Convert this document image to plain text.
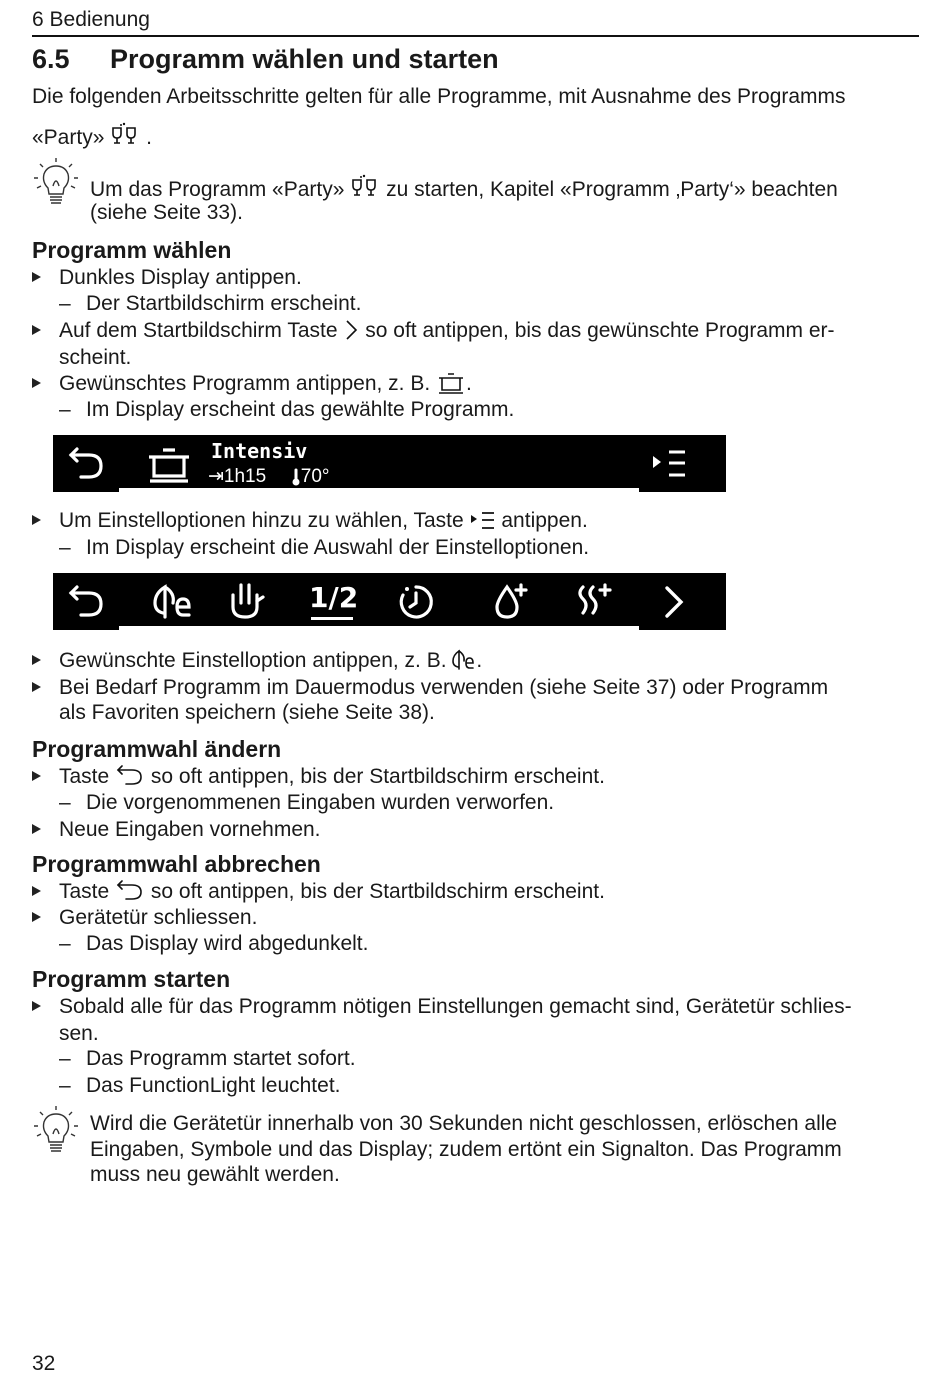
6 Bedienung
6.5 Programm wählen und starten
Die folgenden Arbeitsschritte gelten für alle Programme, mit Ausnahme des Programms
«Party» .
Um das Programm «Party» zu starten, Kapitel «Programm ‚Party‘» beachten
(siehe Seite 33).
Programm wählen
Dunkles Display antippen.
– Der Startbildschirm erscheint.
Auf dem Startbildschirm Taste so oft antippen, bis das gewünschte Programm er-
scheint.
Gewünschtes Programm antippen, z. B. .
– Im Display erscheint das gewählte Programm.
Intensiv
⇥1h15 70°
Um Einstelloptionen hinzu zu wählen, Taste antippen.
– Im Display erscheint die Auswahl der Einstelloptionen.
1/2
Gewünschte Einstelloption antippen, z. B. .
Bei Bedarf Programm im Dauermodus verwenden (siehe Seite 37) oder Programm
als Favoriten speichern (siehe Seite 38).
Programmwahl ändern
Taste so oft antippen, bis der Startbildschirm erscheint.
– Die vorgenommenen Eingaben wurden verworfen.
Neue Eingaben vornehmen.
Programmwahl abbrechen
Taste so oft antippen, bis der Startbildschirm erscheint.
Gerätetür schliessen.
– Das Display wird abgedunkelt.
Programm starten
Sobald alle für das Programm nötigen Einstellungen gemacht sind, Gerätetür schlies-
sen.
– Das Programm startet sofort.
– Das FunctionLight leuchtet.
Wird die Gerätetür innerhalb von 30 Sekunden nicht geschlossen, erlöschen alle
Eingaben, Symbole und das Display; zudem ertönt ein Signalton. Das Programm
muss neu gewählt werden.
32
